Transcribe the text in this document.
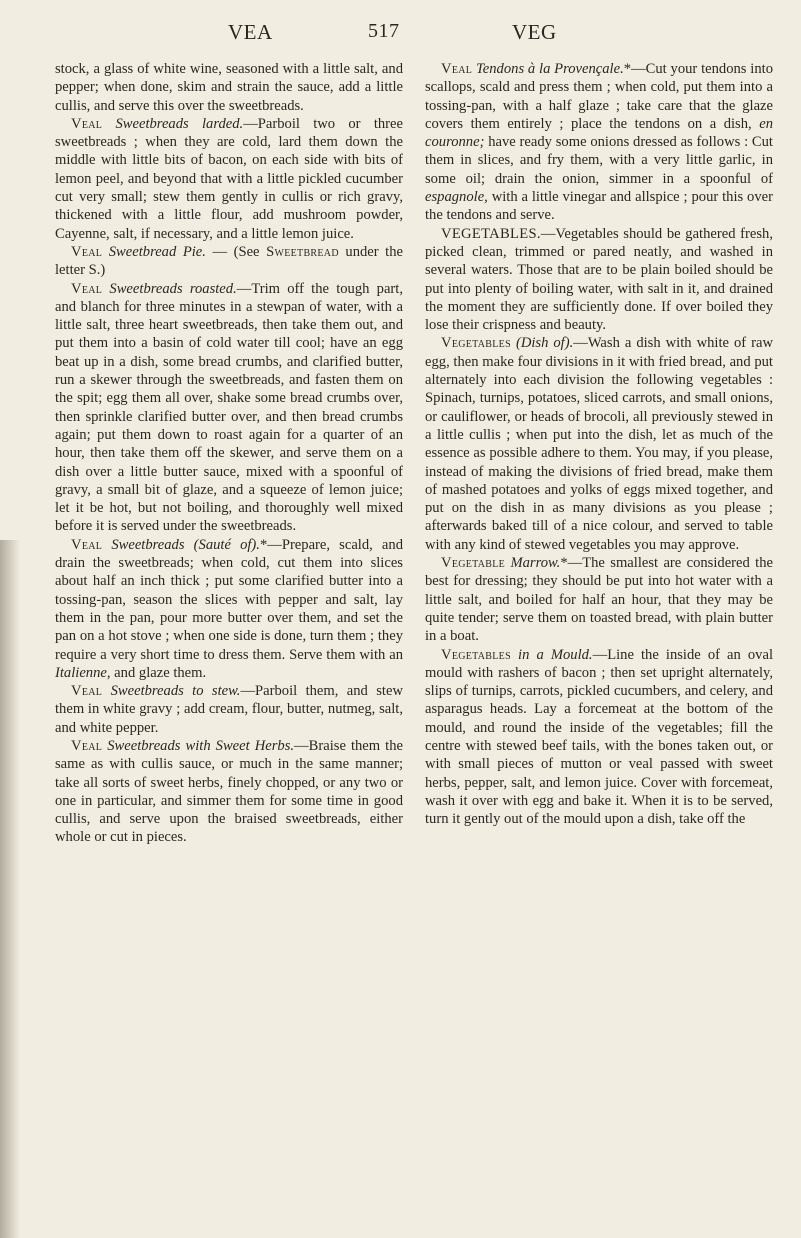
VEA	517	VEG

stock, a glass of white wine, seasoned with a little salt, and pepper; when done, skim and strain the sauce, add a little cullis, and serve this over the sweetbreads.

Veal Sweetbreads larded.—Parboil two or three sweetbreads ; when they are cold, lard them down the middle with little bits of bacon, on each side with bits of lemon peel, and beyond that with a little pickled cucumber cut very small; stew them gently in cullis or rich gravy, thickened with a little flour, add mushroom powder, Cayenne, salt, if necessary, and a little lemon juice.

Veal Sweetbread Pie. — (See Sweetbread under the letter S.)

Veal Sweetbreads roasted.—Trim off the tough part, and blanch for three minutes in a stewpan of water, with a little salt, three heart sweetbreads, then take them out, and put them into a basin of cold water till cool; have an egg beat up in a dish, some bread crumbs, and clarified butter, run a skewer through the sweetbreads, and fasten them on the spit; egg them all over, shake some bread crumbs over, then sprinkle clarified butter over, and then bread crumbs again; put them down to roast again for a quarter of an hour, then take them off the skewer, and serve them on a dish over a little butter sauce, mixed with a spoonful of gravy, a small bit of glaze, and a squeeze of lemon juice; let it be hot, but not boiling, and thoroughly well mixed before it is served under the sweetbreads.

Veal Sweetbreads (Sauté of).*—Prepare, scald, and drain the sweetbreads; when cold, cut them into slices about half an inch thick ; put some clarified butter into a tossing-pan, season the slices with pepper and salt, lay them in the pan, pour more butter over them, and set the pan on a hot stove ; when one side is done, turn them ; they require a very short time to dress them. Serve them with an Italienne, and glaze them.

Veal Sweetbreads to stew.—Parboil them, and stew them in white gravy ; add cream, flour, butter, nutmeg, salt, and white pepper.

Veal Sweetbreads with Sweet Herbs.—Braise them the same as with cullis sauce, or much in the same manner; take all sorts of sweet herbs, finely chopped, or any two or one in particular, and simmer them for some time in good cullis, and serve upon the braised sweetbreads, either whole or cut in pieces.

Veal Tendons à la Provençale.*—Cut your tendons into scallops, scald and press them ; when cold, put them into a tossing-pan, with a half glaze ; take care that the glaze covers them entirely ; place the tendons on a dish, en couronne; have ready some onions dressed as follows : Cut them in slices, and fry them, with a very little garlic, in some oil; drain the onion, simmer in a spoonful of espagnole, with a little vinegar and allspice ; pour this over the tendons and serve.

VEGETABLES.—Vegetables should be gathered fresh, picked clean, trimmed or pared neatly, and washed in several waters. Those that are to be plain boiled should be put into plenty of boiling water, with salt in it, and drained the moment they are sufficiently done. If over boiled they lose their crispness and beauty.

Vegetables (Dish of).—Wash a dish with white of raw egg, then make four divisions in it with fried bread, and put alternately into each division the following vegetables : Spinach, turnips, potatoes, sliced carrots, and small onions, or cauliflower, or heads of brocoli, all previously stewed in a little cullis ; when put into the dish, let as much of the essence as possible adhere to them. You may, if you please, instead of making the divisions of fried bread, make them of mashed potatoes and yolks of eggs mixed together, and put on the dish in as many divisions as you please ; afterwards baked till of a nice colour, and served to table with any kind of stewed vegetables you may approve.

Vegetable Marrow.*—The smallest are considered the best for dressing; they should be put into hot water with a little salt, and boiled for half an hour, that they may be quite tender; serve them on toasted bread, with plain butter in a boat.

Vegetables in a Mould.—Line the inside of an oval mould with rashers of bacon ; then set upright alternately, slips of turnips, carrots, pickled cucumbers, and celery, and asparagus heads. Lay a forcemeat at the bottom of the mould, and round the inside of the vegetables; fill the centre with stewed beef tails, with the bones taken out, or with small pieces of mutton or veal passed with sweet herbs, pepper, salt, and lemon juice. Cover with forcemeat, wash it over with egg and bake it. When it is to be served, turn it gently out of the mould upon a dish, take off the
